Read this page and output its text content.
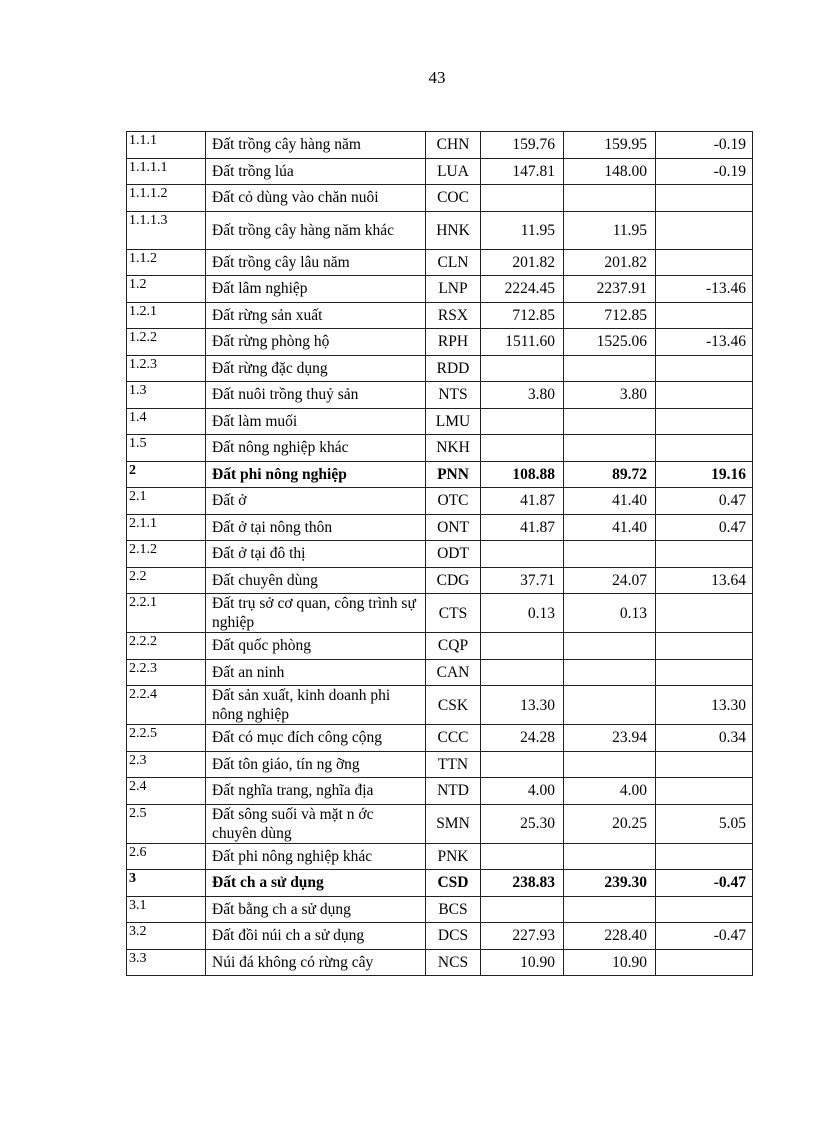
43
1.1.1	Đất trồng cây hàng năm	CHN	159.76	159.95	-0.19
1.1.1.1	Đất trồng lúa	LUA	147.81	148.00	-0.19
1.1.1.2	Đất cỏ dùng vào chăn nuôi	COC			
1.1.1.3	Đất trồng cây hàng năm khác	HNK	11.95	11.95	
1.1.2	Đất trồng cây lâu năm	CLN	201.82	201.82	
1.2	Đất lâm nghiệp	LNP	2224.45	2237.91	-13.46
1.2.1	Đất rừng sản xuất	RSX	712.85	712.85	
1.2.2	Đất rừng phòng hộ	RPH	1511.60	1525.06	-13.46
1.2.3	Đất rừng đặc dụng	RDD			
1.3	Đất nuôi trồng thuỷ sản	NTS	3.80	3.80	
1.4	Đất làm muối	LMU			
1.5	Đất nông nghiệp khác	NKH			
2	Đất phi nông nghiệp	PNN	108.88	89.72	19.16
2.1	Đất ở	OTC	41.87	41.40	0.47
2.1.1	Đất ở tại nông thôn	ONT	41.87	41.40	0.47
2.1.2	Đất ở tại đô thị	ODT			
2.2	Đất chuyên dùng	CDG	37.71	24.07	13.64
2.2.1	Đất trụ sở cơ quan, công trình sự nghiệp	CTS	0.13	0.13	
2.2.2	Đất quốc phòng	CQP			
2.2.3	Đất an ninh	CAN			
2.2.4	Đất sản xuất, kinh doanh phi nông nghiệp	CSK	13.30		13.30
2.2.5	Đất có mục đích công cộng	CCC	24.28	23.94	0.34
2.3	Đất tôn giáo, tín ng ỡng	TTN			
2.4	Đất nghĩa trang, nghĩa địa	NTD	4.00	4.00	
2.5	Đất sông suối và mặt n ớc chuyên dùng	SMN	25.30	20.25	5.05
2.6	Đất phi nông nghiệp khác	PNK			
3	Đất ch a sử dụng	CSD	238.83	239.30	-0.47
3.1	Đất bằng ch a sử dụng	BCS			
3.2	Đất đồi núi ch a sử dụng	DCS	227.93	228.40	-0.47
3.3	Núi đá không có rừng cây	NCS	10.90	10.90	
